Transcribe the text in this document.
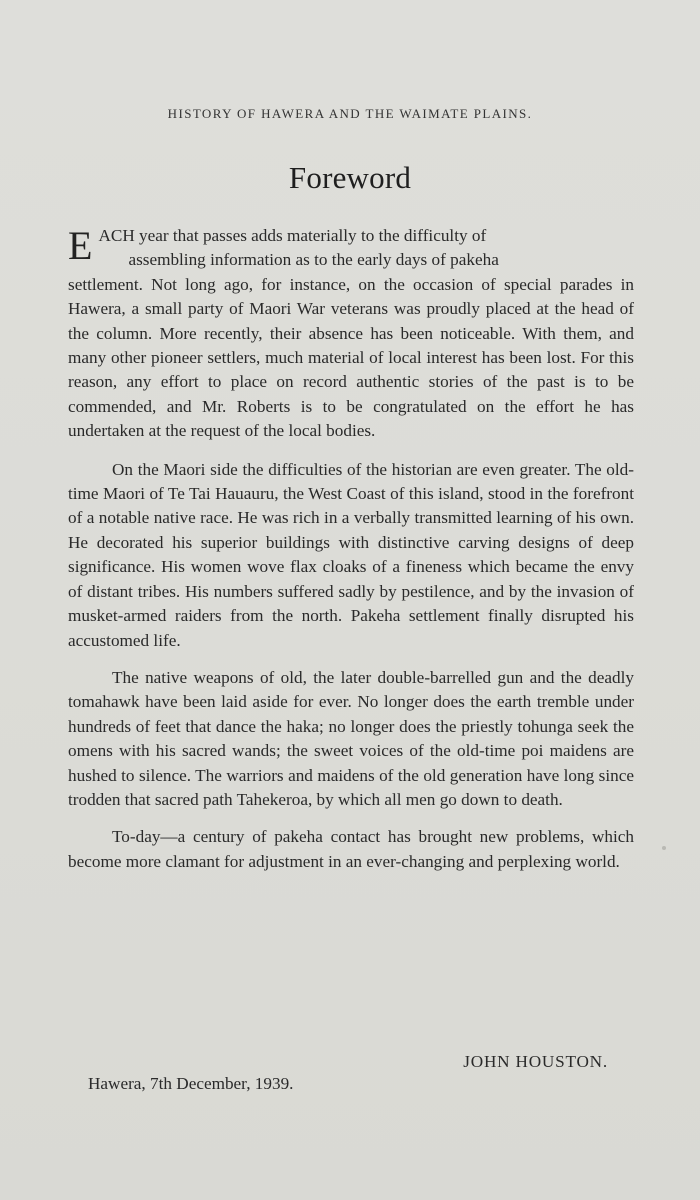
HISTORY OF HAWERA AND THE WAIMATE PLAINS.
Foreword

EACH year that passes adds materially to the difficulty of
assembling information as to the early days of pakeha
settlement. Not long ago, for instance, on the occasion of special parades in Hawera, a small party of Maori War veterans was proudly placed at the head of the column. More recently, their absence has been noticeable. With them, and many other pioneer settlers, much material of local interest has been lost. For this reason, any effort to place on record authentic stories of the past is to be commended, and Mr. Roberts is to be congratulated on the effort he has undertaken at the request of the local bodies.

On the Maori side the difficulties of the historian are even greater. The old-time Maori of Te Tai Hauauru, the West Coast of this island, stood in the forefront of a notable native race. He was rich in a verbally transmitted learning of his own. He decorated his superior buildings with distinctive carving designs of deep significance. His women wove flax cloaks of a fineness which became the envy of distant tribes. His numbers suffered sadly by pestilence, and by the invasion of musket-armed raiders from the north. Pakeha settlement finally disrupted his accustomed life.

The native weapons of old, the later double-barrelled gun and the deadly tomahawk have been laid aside for ever. No longer does the earth tremble under hundreds of feet that dance the haka; no longer does the priestly tohunga seek the omens with his sacred wands; the sweet voices of the old-time poi maidens are hushed to silence. The warriors and maidens of the old generation have long since trodden that sacred path Tahekeroa, by which all men go down to death.

To-day—a century of pakeha contact has brought new problems, which become more clamant for adjustment in an ever-changing and perplexing world.

JOHN HOUSTON.
Hawera, 7th December, 1939.
